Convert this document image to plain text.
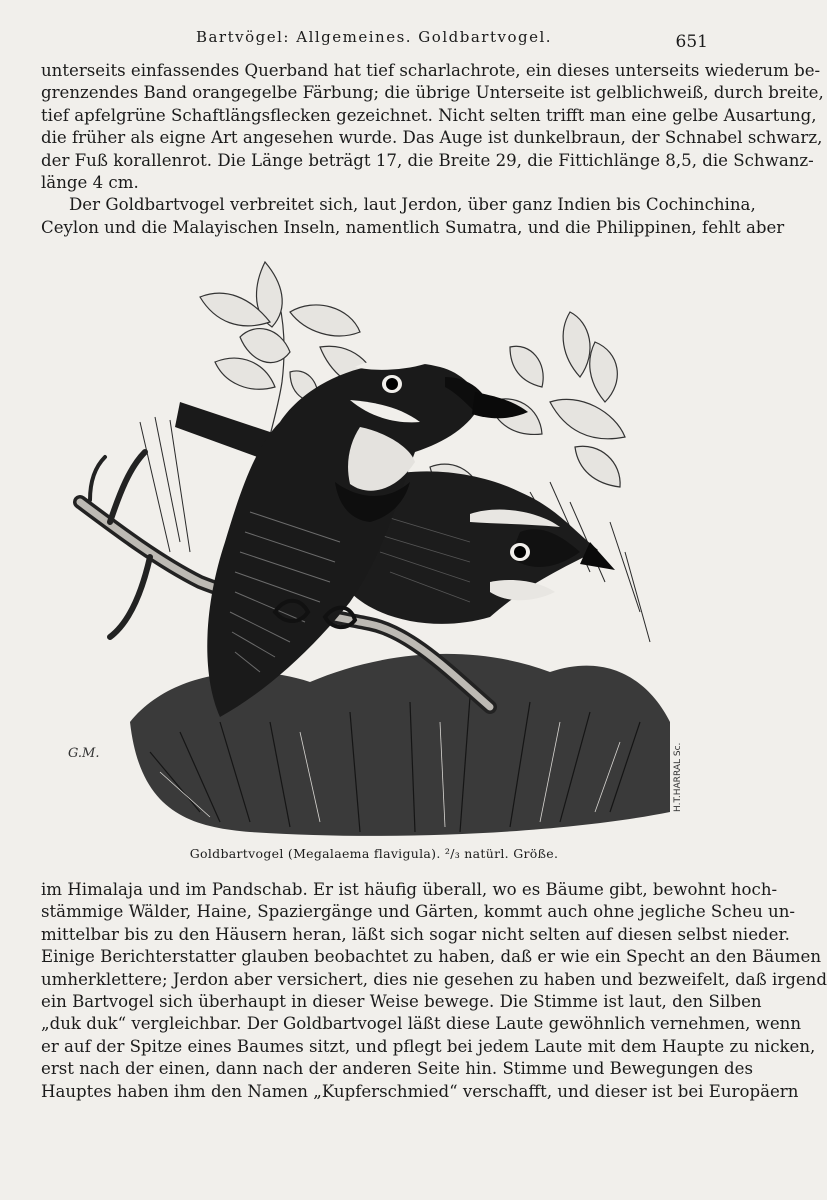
Bartvögel: Allgemeines. Goldbartvogel.	651
unterseits einfassendes Querband hat tief scharlachrote, ein dieses unterseits wiederum be-
grenzendes Band orangegelbe Färbung; die übrige Unterseite ist gelblichweiß, durch breite,
tief apfelgrüne Schaftlängsflecken gezeichnet. Nicht selten trifft man eine gelbe Ausartung,
die früher als eigne Art angesehen wurde. Das Auge ist dunkelbraun, der Schnabel schwarz,
der Fuß korallenrot. Die Länge beträgt 17, die Breite 29, die Fittichlänge 8,5, die Schwanz-
länge 4 cm.
Der Goldbartvogel verbreitet sich, laut Jerdon, über ganz Indien bis Cochinchina,
Ceylon und die Malayischen Inseln, namentlich Sumatra, und die Philippinen, fehlt aber
G.M.	H.T.HARRAL Sc.
Goldbartvogel (Megalaema flavigula). ²/₃ natürl. Größe.
im Himalaja und im Pandschab. Er ist häufig überall, wo es Bäume gibt, bewohnt hoch-
stämmige Wälder, Haine, Spaziergänge und Gärten, kommt auch ohne jegliche Scheu un-
mittelbar bis zu den Häusern heran, läßt sich sogar nicht selten auf diesen selbst nieder.
Einige Berichterstatter glauben beobachtet zu haben, daß er wie ein Specht an den Bäumen
umherklettere; Jerdon aber versichert, dies nie gesehen zu haben und bezweifelt, daß irgend
ein Bartvogel sich überhaupt in dieser Weise bewege. Die Stimme ist laut, den Silben
„duk duk“ vergleichbar. Der Goldbartvogel läßt diese Laute gewöhnlich vernehmen, wenn
er auf der Spitze eines Baumes sitzt, und pflegt bei jedem Laute mit dem Haupte zu nicken,
erst nach der einen, dann nach der anderen Seite hin. Stimme und Bewegungen des
Hauptes haben ihm den Namen „Kupferschmied“ verschafft, und dieser ist bei Europäern
